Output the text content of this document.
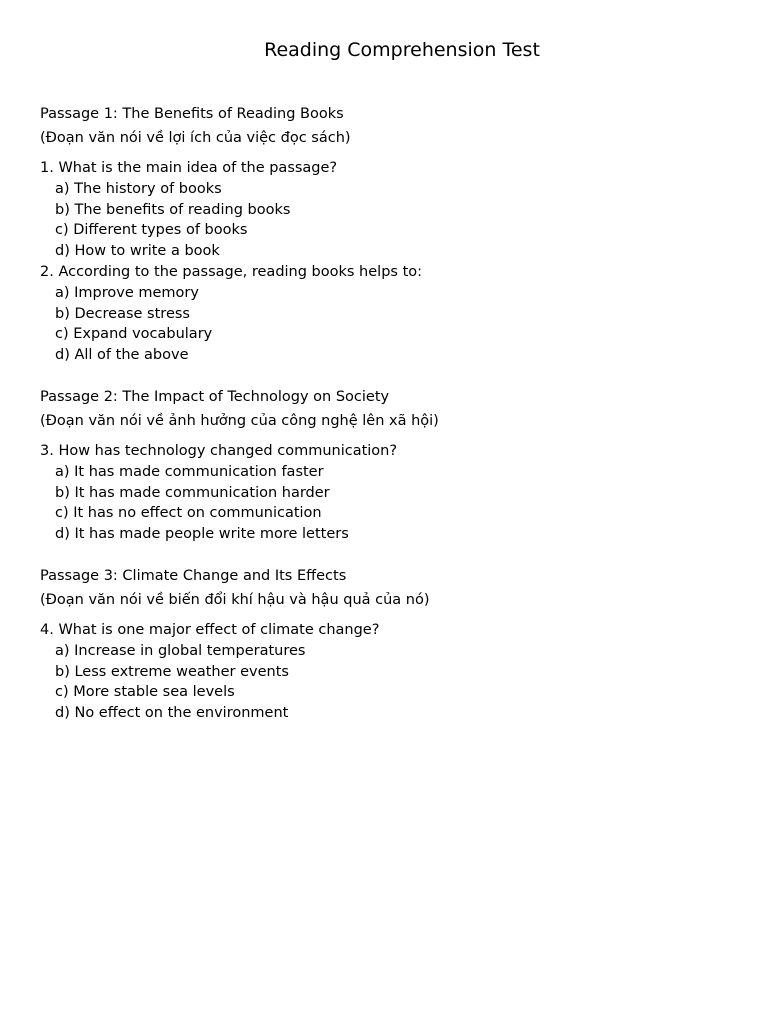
Reading Comprehension Test
Passage 1: The Benefits of Reading Books
(Đoạn văn nói về lợi ích của việc đọc sách)
1. What is the main idea of the passage?
a) The history of books
b) The benefits of reading books
c) Different types of books
d) How to write a book
2. According to the passage, reading books helps to:
a) Improve memory
b) Decrease stress
c) Expand vocabulary
d) All of the above
Passage 2: The Impact of Technology on Society
(Đoạn văn nói về ảnh hưởng của công nghệ lên xã hội)
3. How has technology changed communication?
a) It has made communication faster
b) It has made communication harder
c) It has no effect on communication
d) It has made people write more letters
Passage 3: Climate Change and Its Effects
(Đoạn văn nói về biến đổi khí hậu và hậu quả của nó)
4. What is one major effect of climate change?
a) Increase in global temperatures
b) Less extreme weather events
c) More stable sea levels
d) No effect on the environment
